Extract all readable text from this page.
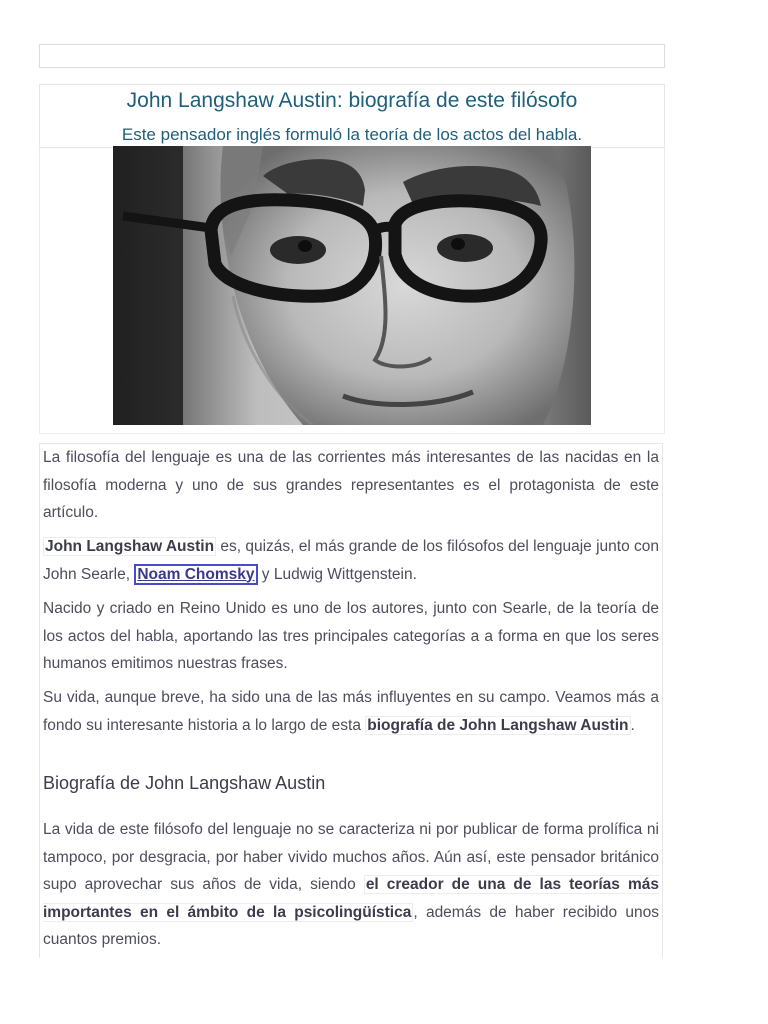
John Langshaw Austin: biografía de este filósofo

Este pensador inglés formuló la teoría de los actos del habla.

La filosofía del lenguaje es una de las corrientes más interesantes de las nacidas en la filosofía moderna y uno de sus grandes representantes es el protagonista de este artículo.

John Langshaw Austin es, quizás, el más grande de los filósofos del lenguaje junto con John Searle, Noam Chomsky y Ludwig Wittgenstein.

Nacido y criado en Reino Unido es uno de los autores, junto con Searle, de la teoría de los actos del habla, aportando las tres principales categorías a a forma en que los seres humanos emitimos nuestras frases.

Su vida, aunque breve, ha sido una de las más influyentes en su campo. Veamos más a fondo su interesante historia a lo largo de esta biografía de John Langshaw Austin .

Biografía de John Langshaw Austin

La vida de este filósofo del lenguaje no se caracteriza ni por publicar de forma prolífica ni tampoco, por desgracia, por haber vivido muchos años. Aún así, este pensador británico supo aprovechar sus años de vida, siendo el creador de una de las teorías más importantes en el ámbito de la psicolingüística , además de haber recibido unos cuantos premios.
